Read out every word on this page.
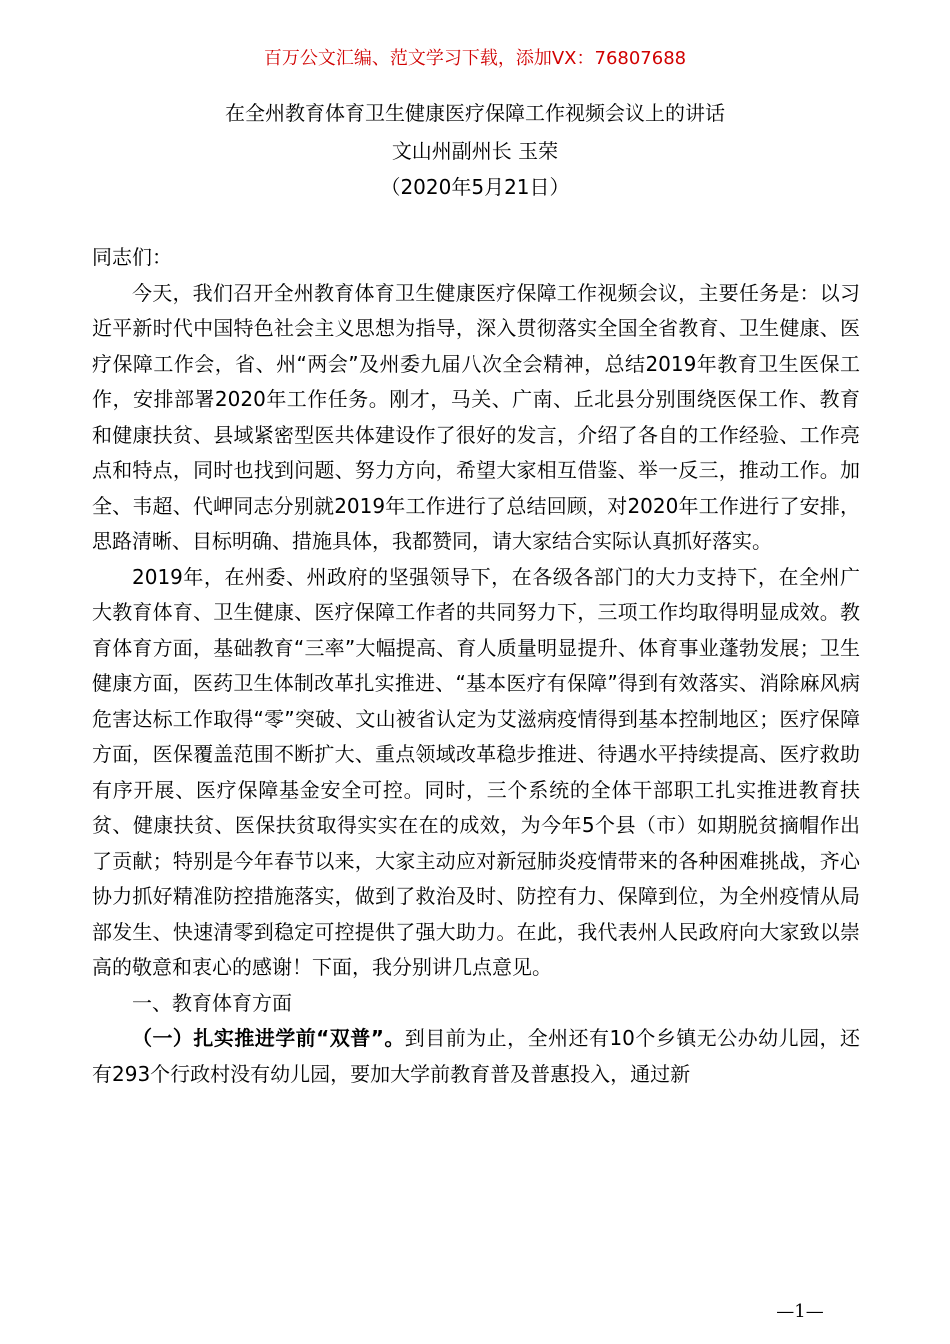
百万公文汇编、范文学习下载，添加VX：76807688
在全州教育体育卫生健康医疗保障工作视频会议上的讲话
文山州副州长 玉荣
（2020年5月21日）

同志们：

今天，我们召开全州教育体育卫生健康医疗保障工作视频会议，主要任务是：以习近平新时代中国特色社会主义思想为指导，深入贯彻落实全国全省教育、卫生健康、医疗保障工作会，省、州“两会”及州委九届八次全会精神，总结2019年教育卫生医保工作，安排部署2020年工作任务。刚才，马关、广南、丘北县分别围绕医保工作、教育和健康扶贫、县域紧密型医共体建设作了很好的发言，介绍了各自的工作经验、工作亮点和特点，同时也找到问题、努力方向，希望大家相互借鉴、举一反三，推动工作。加全、韦超、代岬同志分别就2019年工作进行了总结回顾，对2020年工作进行了安排，思路清晰、目标明确、措施具体，我都赞同，请大家结合实际认真抓好落实。

2019年，在州委、州政府的坚强领导下，在各级各部门的大力支持下，在全州广大教育体育、卫生健康、医疗保障工作者的共同努力下，三项工作均取得明显成效。教育体育方面，基础教育“三率”大幅提高、育人质量明显提升、体育事业蓬勃发展；卫生健康方面，医药卫生体制改革扎实推进、“基本医疗有保障”得到有效落实、消除麻风病危害达标工作取得“零”突破、文山被省认定为艾滋病疫情得到基本控制地区；医疗保障方面，医保覆盖范围不断扩大、重点领域改革稳步推进、待遇水平持续提高、医疗救助有序开展、医疗保障基金安全可控。同时，三个系统的全体干部职工扎实推进教育扶贫、健康扶贫、医保扶贫取得实实在在的成效，为今年5个县（市）如期脱贫摘帽作出了贡献；特别是今年春节以来，大家主动应对新冠肺炎疫情带来的各种困难挑战，齐心协力抓好精准防控措施落实，做到了救治及时、防控有力、保障到位，为全州疫情从局部发生、快速清零到稳定可控提供了强大助力。在此，我代表州人民政府向大家致以崇高的敬意和衷心的感谢！下面，我分别讲几点意见。

一、教育体育方面

（一）扎实推进学前“双普”。到目前为止，全州还有10个乡镇无公办幼儿园，还有293个行政村没有幼儿园，要加大学前教育普及普惠投入，通过新

—1—
